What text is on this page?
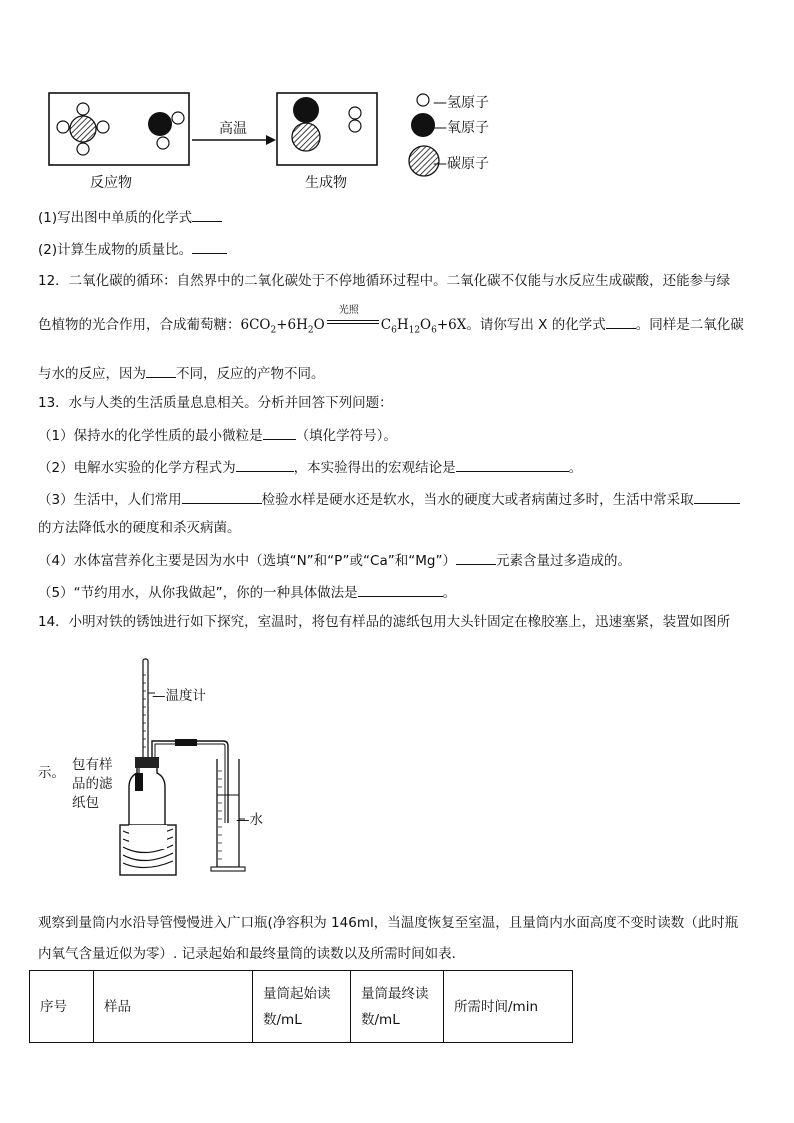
高温
反应物	生成物
—氢原子
—氧原子
—碳原子
(1)写出图中单质的化学式
(2)计算生成物的质量比。
12．二氧化碳的循环：自然界中的二氧化碳处于不停地循环过程中。二氧化碳不仅能与水反应生成碳酸，还能参与绿
色植物的光合作用，合成葡萄糖：$6CO_2+6H_2O$
光照
$C_6H_{12}O_6+6X$。请你写出 X 的化学式 。同样是二氧化碳
与水的反应，因为 不同，反应的产物不同。
13．水与人类的生活质量息息相关。分析并回答下列问题：
（1）保持水的化学性质的最小微粒是 （填化学符号）。
（2）电解水实验的化学方程式为	，本实验得出的宏观结论是	。
（3）生活中，人们常用	检验水样是硬水还是软水，当水的硬度大或者病菌过多时，生活中常采取
的方法降低水的硬度和杀灭病菌。
（4）水体富营养化主要是因为水中（选填“N”和“P”或“Ca”和“Mg”）	元素含量过多造成的。
（5）“节约用水，从你我做起”，你的一种具体做法是	。
14．小明对铁的锈蚀进行如下探究，室温时，将包有样品的滤纸包用大头针固定在橡胶塞上，迅速塞紧，装置如图所
示。
—温度计
包有样
品的滤
纸包
—水
观察到量筒内水沿导管慢慢进入广口瓶(净容积为 146ml，当温度恢复至室温，且量筒内水面高度不变时读数（此时瓶
内氧气含量近似为零）. 记录起始和最终量筒的读数以及所需时间如表．
序号	样品	量筒起始读数/mL	量筒最终读数/mL	所需时间/min
